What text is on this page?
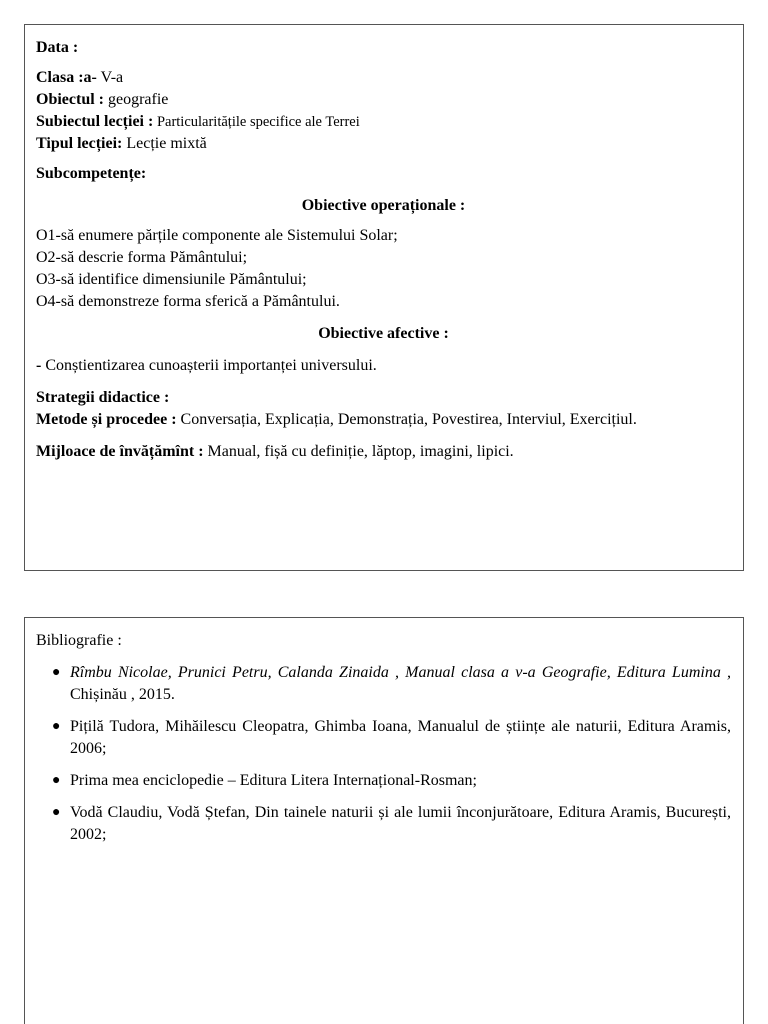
Data :

Clasa :a- V-a

Obiectul : geografie

Subiectul lecției : Particularitățile specifice ale Terrei

Tipul lecției: Lecție mixtă

Subcompetențe:

Obiective operaționale :

O1-să enumere părțile componente ale Sistemului Solar;

O2-să descrie forma Pământului;

O3-să identifice dimensiunile Pământului;

O4-să demonstreze forma sferică a Pământului.

Obiective afective :

- Conștientizarea cunoașterii importanței universului.

Strategii didactice :

Metode și procedee : Conversația, Explicația, Demonstrația, Povestirea, Interviul, Exercițiul.

Mijloace de învățămînt : Manual, fișă cu definiție, lăptop, imagini, lipici.

Bibliografie :

● Rîmbu Nicolae, Prunici Petru, Calanda Zinaida , Manual clasa a v-a Geografie, Editura Lumina , Chișinău , 2015.
● Pițilă Tudora, Mihăilescu Cleopatra, Ghimba Ioana, Manualul de științe ale naturii, Editura Aramis, 2006;
● Prima mea enciclopedie – Editura Litera Internațional-Rosman;
● Vodă Claudiu, Vodă Ștefan, Din tainele naturii și ale lumii înconjurătoare, Editura Aramis, București, 2002;
